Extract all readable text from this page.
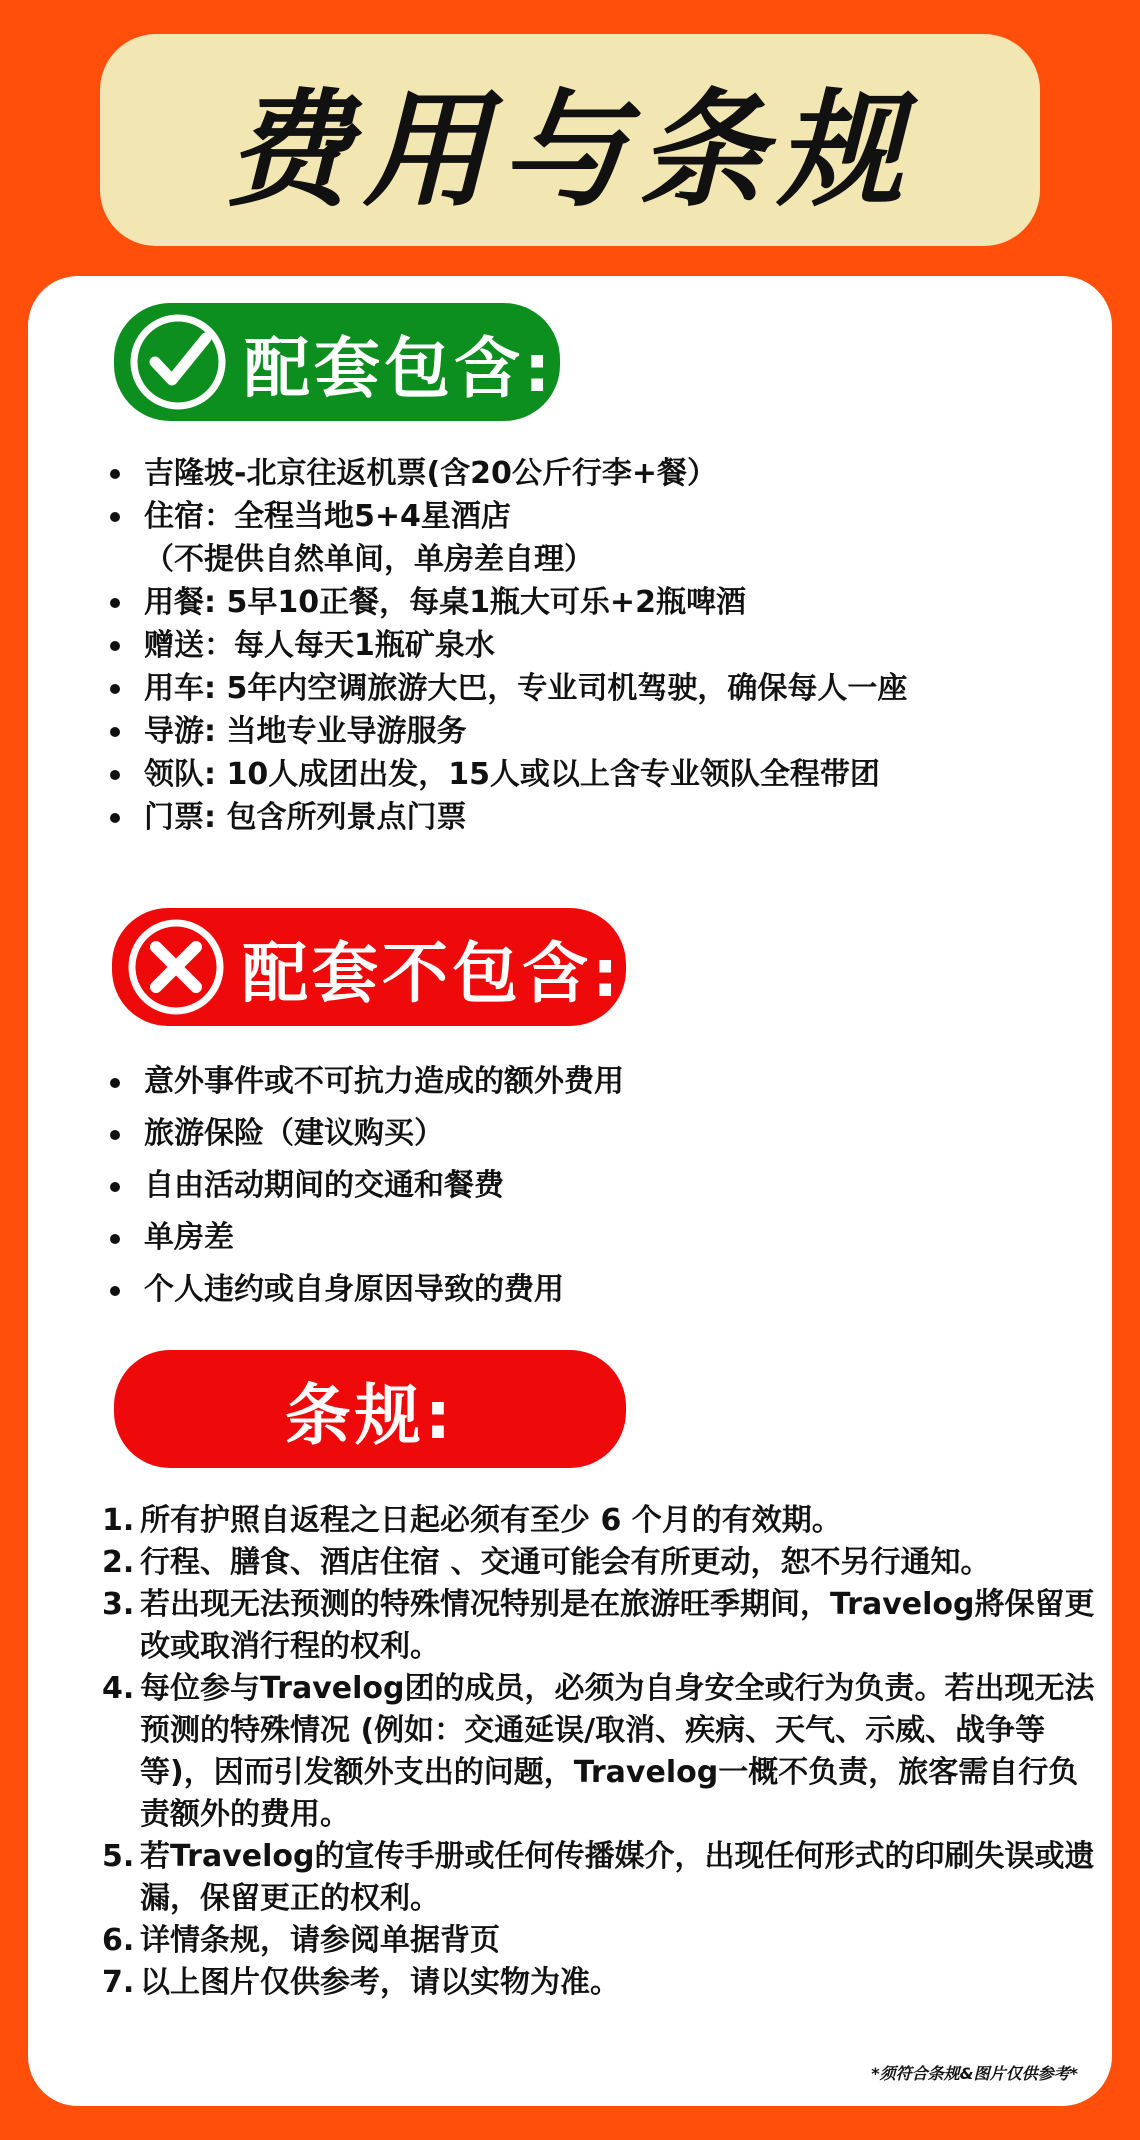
费用与条规
配套包含:
吉隆坡-北京往返机票(含20公斤行李+餐）
住宿：全程当地5+4星酒店
（不提供自然单间，单房差自理）
用餐: 5早10正餐，每桌1瓶大可乐+2瓶啤酒
赠送：每人每天1瓶矿泉水
用车: 5年内空调旅游大巴，专业司机驾驶，确保每人一座
导游: 当地专业导游服务
领队: 10人成团出发，15人或以上含专业领队全程带团
门票: 包含所列景点门票
配套不包含:
意外事件或不可抗力造成的额外费用
旅游保险（建议购买）
自由活动期间的交通和餐费
单房差
个人违约或自身原因导致的费用
条规:
1. 所有护照自返程之日起必须有至少 6 个月的有效期。
2. 行程、膳食、酒店住宿 、交通可能会有所更动，恕不另行通知。
3. 若出现无法预测的特殊情况特别是在旅游旺季期间，Travelog將保留更改或取消行程的权利。
4. 每位参与Travelog团的成员，必须为自身安全或行为负责。若出现无法预测的特殊情况 (例如：交通延误/取消、疾病、天气、示威、战争等等)，因而引发额外支出的问题，Travelog一概不负责，旅客需自行负责额外的费用。
5. 若Travelog的宣传手册或任何传播媒介，出现任何形式的印刷失误或遗漏，保留更正的权利。
6. 详情条规，请参阅单据背页
7. 以上图片仅供参考，请以实物为准。
*须符合条规&图片仅供参考*
